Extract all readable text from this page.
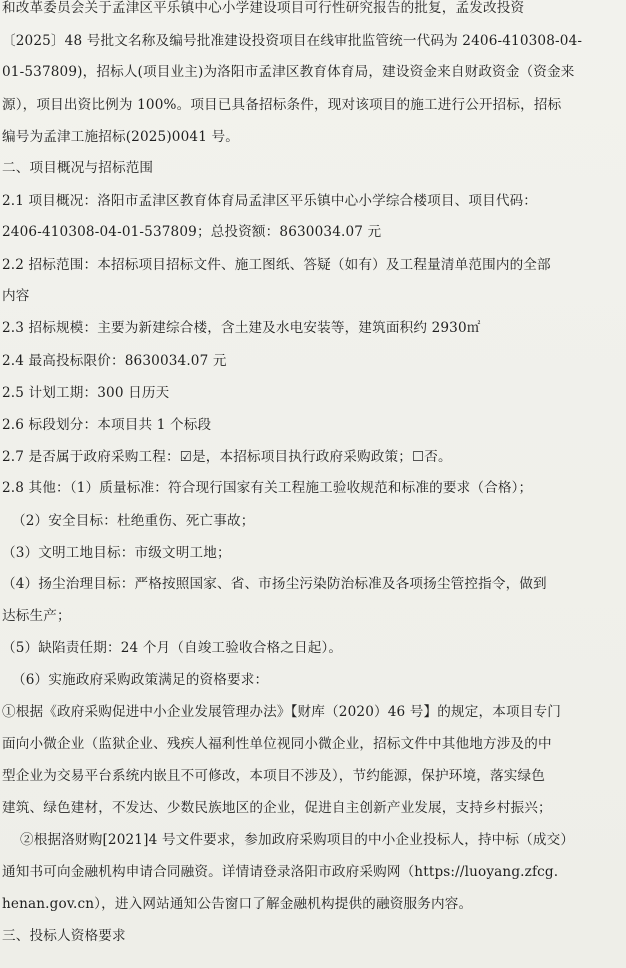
和改革委员会关于孟津区平乐镇中心小学建设项目可行性研究报告的批复，孟发改投资
〔2025〕48 号批文名称及编号批准建设投资项目在线审批监管统一代码为 2406-410308-04-
01-537809)，招标人(项目业主)为洛阳市孟津区教育体育局，建设资金来自财政资金（资金来
源），项目出资比例为 100%。项目已具备招标条件，现对该项目的施工进行公开招标，招标
编号为孟津工施招标(2025)0041 号。
二、项目概况与招标范围
2.1 项目概况：洛阳市孟津区教育体育局孟津区平乐镇中心小学综合楼项目、项目代码：
2406-410308-04-01-537809；总投资额：8630034.07 元
2.2 招标范围：本招标项目招标文件、施工图纸、答疑（如有）及工程量清单范围内的全部
内容
2.3 招标规模：主要为新建综合楼，含土建及水电安装等，建筑面积约 2930㎡
2.4 最高投标限价：8630034.07 元
2.5 计划工期：300 日历天
2.6 标段划分：本项目共 1 个标段
2.7 是否属于政府采购工程：☑是，本招标项目执行政府采购政策；☐否。
2.8 其他：（1）质量标准：符合现行国家有关工程施工验收规范和标准的要求（合格）；
（2）安全目标：杜绝重伤、死亡事故；
（3）文明工地目标：市级文明工地；
（4）扬尘治理目标：严格按照国家、省、市扬尘污染防治标准及各项扬尘管控指令，做到
达标生产；
（5）缺陷责任期：24 个月（自竣工验收合格之日起）。
（6）实施政府采购政策满足的资格要求：
①根据《政府采购促进中小企业发展管理办法》【财库（2020）46 号】的规定，本项目专门
面向小微企业（监狱企业、残疾人福利性单位视同小微企业，招标文件中其他地方涉及的中
型企业为交易平台系统内嵌且不可修改，本项目不涉及），节约能源，保护环境，落实绿色
建筑、绿色建材，不发达、少数民族地区的企业，促进自主创新产业发展，支持乡村振兴；
②根据洛财购[2021]4 号文件要求，参加政府采购项目的中小企业投标人，持中标（成交）
通知书可向金融机构申请合同融资。详情请登录洛阳市政府采购网（https://luoyang.zfcg.
henan.gov.cn），进入网站通知公告窗口了解金融机构提供的融资服务内容。
三、投标人资格要求
